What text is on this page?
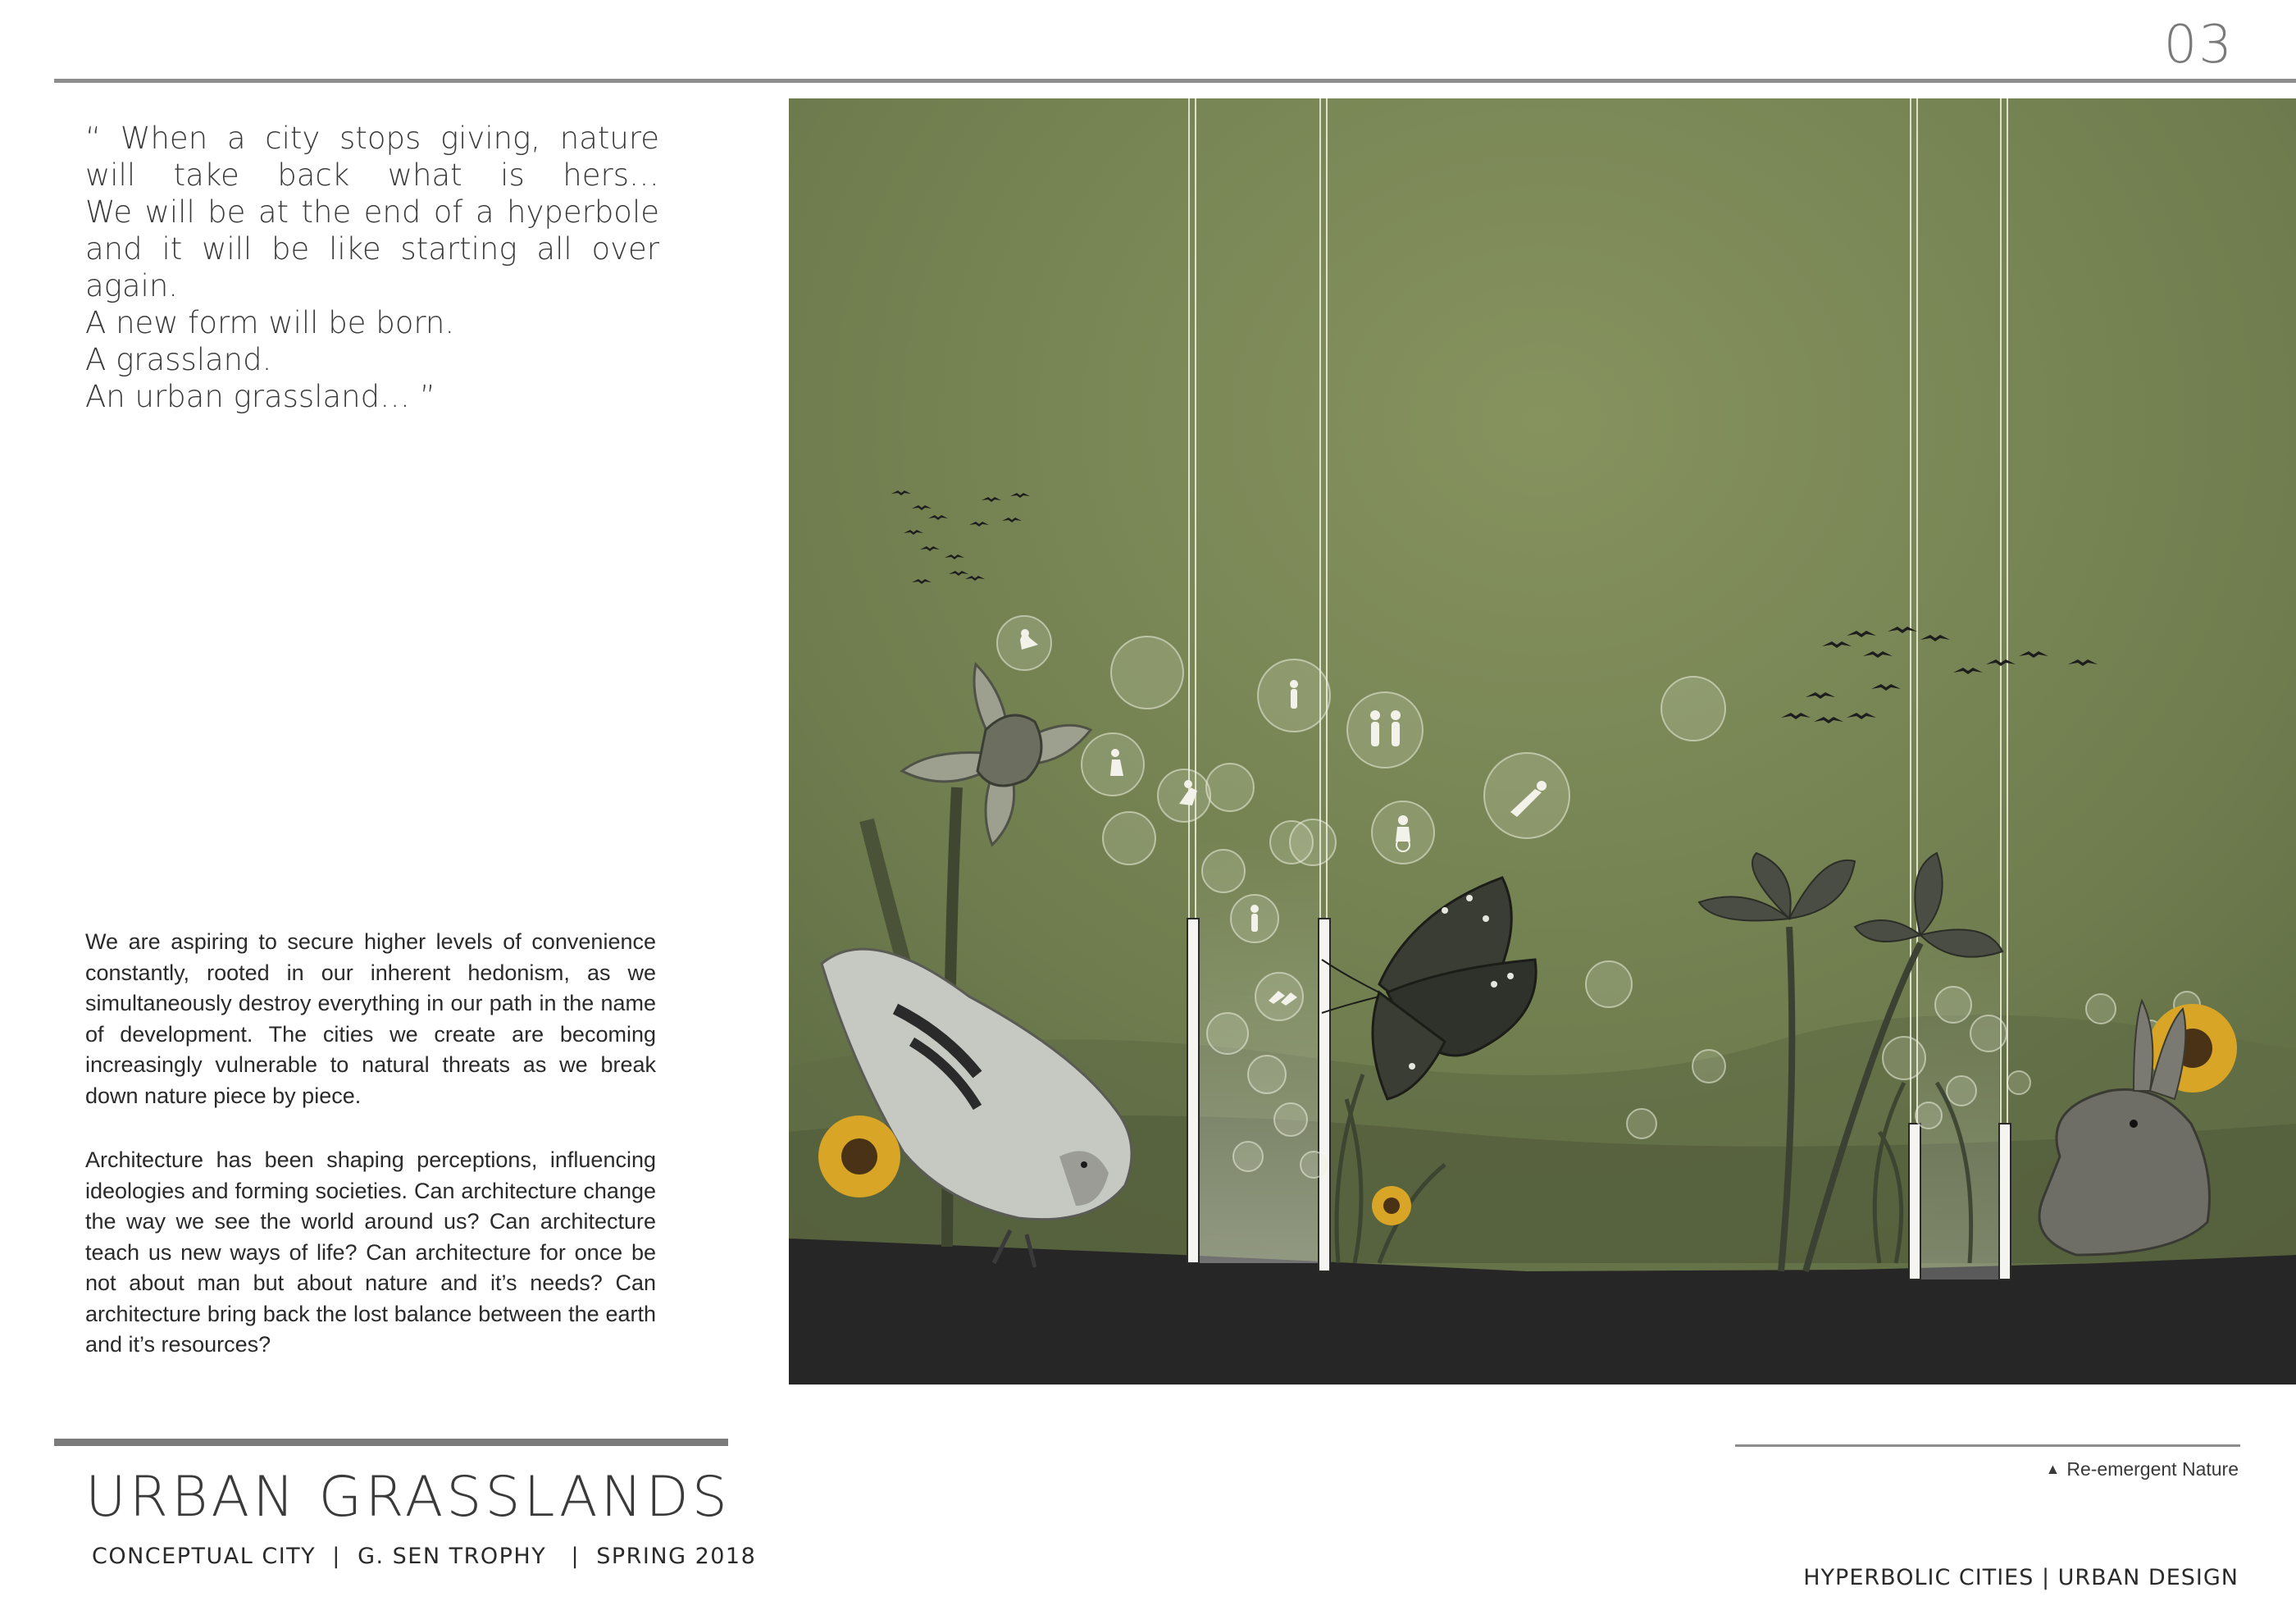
03

“ When a city stops giving, nature will take back what is hers…

We will be at the end of a hyperbole and it will be like starting all over again.

A new form will be born.

A grassland.

An urban grassland… ”

We are aspiring to secure higher levels of convenience constantly, rooted in our inherent hedonism, as we simultaneously destroy everything in our path in the name of development. The cities we create are becoming increasingly vulnerable to natural threats as we break down nature piece by piece.

Architecture has been shaping perceptions, influencing ideologies and forming societies. Can architecture change the way we see the world around us? Can architecture teach us new ways of life? Can architecture for once be not about man but about nature and it’s needs? Can architecture bring back the lost balance between the earth and it’s resources?

URBAN GRASSLANDS
CONCEPTUAL CITY  |  G. SEN TROPHY   |  SPRING 2018
▲ Re-emergent Nature
HYPERBOLIC CITIES | URBAN DESIGN
